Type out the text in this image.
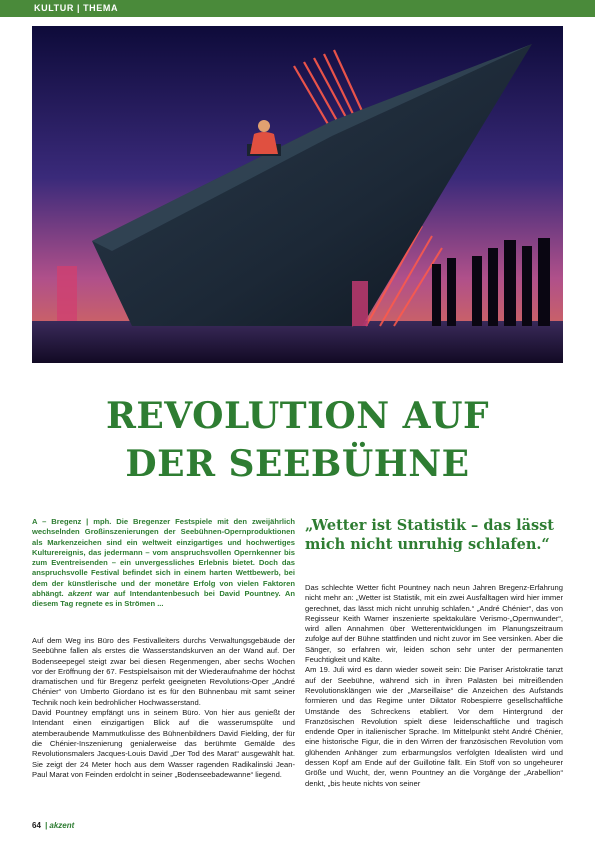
KULTUR | THEMA
REVOLUTION AUF
DER SEEBÜHNE

A – Bregenz | mph. Die Bregenzer Festspiele mit den zweijährlich wechselnden Großinszenierungen der Seebühnen-Opernproduktionen als Markenzeichen sind ein weltweit einzigartiges und hochwertiges Kulturereignis, das jedermann – vom anspruchsvollen Opernkenner bis zum Eventreisenden – ein unvergessliches Erlebnis bietet. Doch das anspruchsvolle Festival befindet sich in einem harten Wettbewerb, bei dem der künstlerische und der monetäre Erfolg von vielen Faktoren abhängt. akzent war auf Intendantenbesuch bei David Pountney. An diesem Tag regnete es in Strömen ...

Auf dem Weg ins Büro des Festivalleiters durchs Verwaltungsgebäude der Seebühne fallen als erstes die Wasserstandskurven an der Wand auf. Der Bodenseepegel steigt zwar bei diesen Regenmengen, aber sechs Wochen vor der Eröffnung der 67. Festspielsaison mit der Wiederaufnahme der höchst dramatischen und für Bregenz perfekt geeigneten Revolutions-Oper „André Chénier“ von Umberto Giordano ist es für den Bühnenbau mit samt seiner Technik noch kein bedrohlicher Hochwasserstand.

David Pountney empfängt uns in seinem Büro. Von hier aus genießt der Intendant einen einzigartigen Blick auf die wasserumspülte und atemberaubende Mammutkulisse des Bühnenbildners David Fielding, der für die Chénier-Inszenierung genialerweise das berühmte Gemälde des Revolutionsmalers Jacques-Louis David „Der Tod des Marat“ ausgewählt hat. Sie zeigt der 24 Meter hoch aus dem Wasser ragenden Radikalinski Jean-Paul Marat von Feinden erdolcht in seiner „Bodenseebadewanne“ liegend.

„Wetter ist Statistik – das lässt mich nicht unruhig schlafen.“

Das schlechte Wetter ficht Pountney nach neun Jahren Bregenz-Erfahrung nicht mehr an: „Wetter ist Statistik, mit ein zwei Ausfalltagen wird hier immer gerechnet, das lässt mich nicht unruhig schlafen.“ „André Chénier“, das von Regisseur Keith Warner inszenierte spektakuläre Verismo-„Opernwunder“, wird allen Annahmen über Wetterentwicklungen im Planungszeitraum zufolge auf der Bühne stattfinden und nicht zuvor im See versinken. Aber die Sänger, so erfahren wir, leiden schon sehr unter der permanenten Feuchtigkeit und Kälte.

Am 19. Juli wird es dann wieder soweit sein: Die Pariser Aristokratie tanzt auf der Seebühne, während sich in ihren Palästen bei mitreißenden Revolutionsklängen wie der „Marseillaise“ die Anzeichen des Aufstands formieren und das Regime unter Diktator Robespierre gesellschaftliche Umstände des Schreckens etabliert. Vor dem Hintergrund der Französischen Revolution spielt diese leidenschaftliche und tragisch endende Oper in italienischer Sprache. Im Mittelpunkt steht André Chénier, eine historische Figur, die in den Wirren der französischen Revolution vom glühenden Anhänger zum erbarmungslos verfolgten Idealisten wird und dessen Kopf am Ende auf der Guillotine fällt. Ein Stoff von so ungeheurer Größe und Wucht, der, wenn Pountney an die Vorgänge der „Arabellion“ denkt, „bis heute nichts von seiner

64 | akzent
